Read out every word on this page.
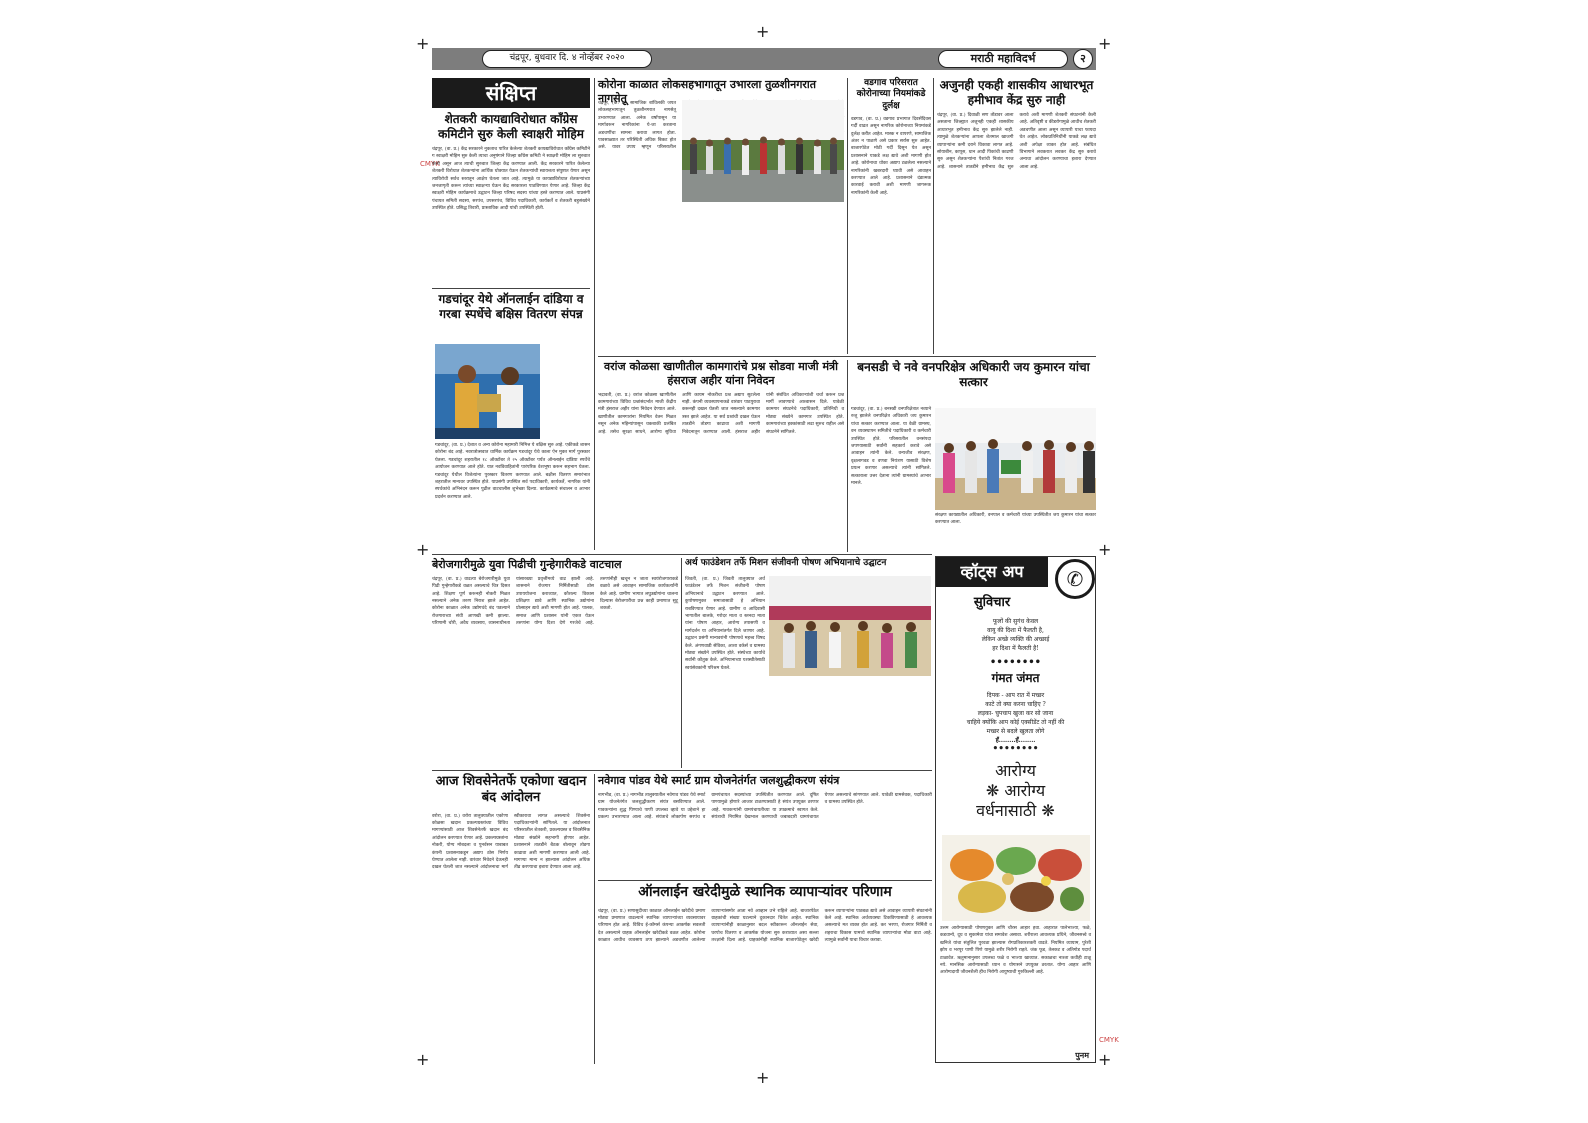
+
+	+
+	+
+	+
+
CMYK
CMYK
चंद्रपूर, बुधवार दि. ४ नोव्हेंबर २०२०	मराठी महाविदर्भ	२
संक्षिप्त
शेतकरी कायद्याविरोधात कॉंग्रेस कमिटीने सुरु केली स्वाक्षरी मोहिम
चंद्रपूर, (वा. प्र.) केंद्र सरकारने नुकताच पारित केलेल्या शेतकरी कायद्याविरोधात काँग्रेस कमिटीने ग स्वाक्षरी मोहिम सुरु केली त्याचा अनुषंगाने जिल्हा काँग्रेस कमिटी ने स्वाक्षरी मोहिम ला सुरुवात केली असून आज त्याची सुरुवात जिल्हा केंद्र करण्यात आली. केंद्र सरकारने पारित केलेल्या शेतकरी विरोधात शेतकऱ्यांना आर्थिक धोक्यात येऊन शेतकऱ्यांची स्वायत्तता संपुष्टात येणार असून त्याविरोधी सर्वच स्तरातून आक्षेप घेतला जात आहे. त्यामुळे या कायद्याविरोधात शेतकऱ्यांच्या जनजागृती करून त्यांच्या स्वाक्षऱ्या घेऊन केंद्र सरकारला पाठविण्यात येणार आहे. जिल्हा केंद्र स्वाक्षरी मोहिम कार्यक्रमाचे उद्घाटन जिल्हा परिषद सदस्य यांच्या हस्ते करण्यात आले. याप्रसंगी पंचायत समिती सदस्य, सरपंच, उपसरपंच, विविध पदाधिकारी, कार्यकर्ते व शेतकरी बहुसंख्येने उपस्थित होते. प्रसिद्ध तिवारी, प्रास्ताविक आदी यांची उपस्थिती होती.
गडचांदूर येथे ऑनलाईन दांडिया व गरबा स्पर्धेचे बक्षिस वितरण संपन्न
गडचांदूर, (वा. प्र.) देशात व अन्य कोरोना महामारी निमित्त ये बक्षिस सुरु आहे. एकीकडे शासन कोरोना बंद आहे. नवरात्रोत्सवात धार्मिक कार्यक्रम गडचांदूर येथे काला ऐन मुक्त मार्ग पुरस्कार घेतला. गडचांदूर शहरातील १८ ऑक्टोंबर ते २५ ऑक्टोंबर पर्यंत ऑनलाईन दांडिया स्पर्धेचे आयोजन करण्यात आले होते. यात नवविवाहितांनी पारंपरिक वेशभूषा करून सहभाग घेतला. गडचांदूर येथील विजेत्यांना पुरस्कार वितरण करण्यात आले. बक्षीस वितरण समारंभात शहरातील मान्यवर उपस्थित होते. याप्रसंगी उपस्थित सर्व पदाधिकारी, कार्यकर्ते, नागरिक यांनी स्पर्धकांचे अभिनंदन करून पुढील वाटचालीस शुभेच्छा दिल्या. कार्यक्रमाचे संचालन व आभार प्रदर्शन करण्यात आले.
कोरोना काळात लोकसहभागातून उभारला तुळशीनगरात नागसेतू
चंद्रपूर, (वा. प्र.) सामाजिक बांधिलकी जपत लोकसहभागातून तुळशीनगरात नागसेतू उभारण्यात आला. अनेक वर्षांपासून या मार्गावरून नागरिकांना ये-जा करताना अडचणींचा सामना करावा लागत होता. पावसाळ्यात तर परिस्थिती अधिक बिकट होत असे. यावर उपाय म्हणून परिसरातील
वडगाव परिसरात कोरोनाच्या नियमांकडे दुर्लक्ष
वडगाव, (वा. प्र.) वडगाव प्रभागात दिवसेंदिवस गर्दी वाढत असून नागरिक कोरोनाच्या नियमांकडे दुर्लक्ष करीत आहेत. मास्क न वापरणे, सामाजिक अंतर न पाळणे असे प्रकार सर्रास सुरु आहेत. बाजारपेठेत मोठी गर्दी दिसून येत असून प्रशासनाने याकडे लक्ष द्यावे अशी मागणी होत आहे. कोरोनाचा धोका अद्याप टळलेला नसल्याने नागरिकांनी खबरदारी घ्यावी असे आवाहन करण्यात आले आहे. प्रशासनाने दंडात्मक कारवाई करावी अशी मागणी जागरूक नागरिकांनी केली आहे.
अजुनही एकही शासकीय आधारभूत हमीभाव केंद्र सुरु नाही
चंद्रपूर, (वा. प्र.) दिवाळी सण तोंडावर आला असताना जिल्ह्यात अजुनही एकही शासकीय आधारभूत हमीभाव केंद्र सुरु झालेले नाही. त्यामुळे शेतकऱ्यांना आपला शेतमाल खाजगी व्यापाऱ्यांना कमी दराने विकावा लागत आहे. सोयाबीन, कापूस, धान आदी पिकांची काढणी सुरु असून शेतकऱ्यांना पैशांची नितांत गरज आहे. शासनाने तातडीने हमीभाव केंद्र सुरु करावे अशी मागणी शेतकरी संघटनांनी केली आहे. अतिवृष्टी व कीडरोगामुळे आधीच शेतकरी अडचणीत आला असून व्यापारी याचा फायदा घेत आहेत. लोकप्रतिनिधींनी याकडे लक्ष द्यावे अशी अपेक्षा व्यक्त होत आहे. संबंधित विभागाने लवकरात लवकर केंद्र सुरु करावे अन्यथा आंदोलन करण्याचा इशारा देण्यात आला आहे.
वरांज कोळसा खाणीतील कामगारांचे प्रश्न सोडवा माजी मंत्री हंसराज अहीर यांना निवेदन
भद्रावती, (वा. प्र.) वरांज कोळसा खाणीतील कामगारांच्या विविध प्रश्नांसंदर्भात माजी केंद्रीय मंत्री हंसराज अहीर यांना निवेदन देण्यात आले. खाणीतील कामगारांना नियमित वेतन मिळत नसून अनेक महिन्यांपासून थकबाकी प्रलंबित आहे. तसेच सुरक्षा साधने, आरोग्य सुविधा आणि कायम नोकरीचा प्रश्न अद्याप सुटलेला नाही. कंपनी व्यवस्थापनाकडे वारंवार पाठपुरावा करूनही दखल घेतली जात नसल्याने कामगार त्रस्त झाले आहेत. या सर्व प्रश्नांची दखल घेऊन तातडीने तोडगा काढावा अशी मागणी निवेदनातून करण्यात आली. हंसराज अहीर यांनी संबंधित अधिकाऱ्यांशी चर्चा करून प्रश्न मार्गी लावण्याचे आश्वासन दिले. यावेळी कामगार संघटनेचे पदाधिकारी, प्रतिनिधी व मोठ्या संख्येने कामगार उपस्थित होते. कामगारांच्या हक्कांसाठी लढा सुरुच राहील असे संघटनेने सांगितले.
बनसडी चे नवे वनपरिक्षेत्र अधिकारी जय कुमारन यांचा सत्कार
गडचांदूर, (वा. प्र.) बनसडी वनपरिक्षेत्रात नव्याने रुजू झालेले वनपरिक्षेत्र अधिकारी जय कुमारन यांचा सत्कार करण्यात आला. या वेळी ग्रामस्थ, वन व्यवस्थापन समितीचे पदाधिकारी व कर्मचारी उपस्थित होते. परिसरातील वनसंपदा जपण्यासाठी सर्वांनी सहकार्य करावे असे आवाहन त्यांनी केले. वन्यजीव संरक्षण, वृक्षलागवड व वणवा नियंत्रण यासाठी विशेष प्रयत्न करणार असल्याचे त्यांनी सांगितले. सत्काराला उत्तर देताना त्यांनी ग्रामस्थांचे आभार मानले.
संरक्षण कायद्यातील अधिकारी, वनपाल व कर्मचारी यांच्या उपस्थितीत जय कुमारन यांचा सत्कार करण्यात आला.
बेरोजगारीमुळे युवा पिढीची गुन्हेगारीकडे वाटचाल
चंद्रपूर, (वा. प्र.) वाढत्या बेरोजगारीमुळे युवा पिढी गुन्हेगारीकडे वळत असल्याचे चित्र दिसत आहे. शिक्षण पूर्ण करूनही नोकरी मिळत नसल्याने अनेक तरुण निराश झाले आहेत. कोरोना काळात अनेक उद्योगधंदे बंद पडल्याने रोजगाराच्या संधी आणखी कमी झाल्या. परिणामी चोरी, अवैध व्यवसाय, व्यसनाधीनता यांसारख्या प्रवृत्तींमध्ये वाढ झाली आहे. शासनाने रोजगार निर्मितीसाठी ठोस उपाययोजना कराव्यात, कौशल्य विकास प्रशिक्षण द्यावे आणि स्थानिक उद्योगांना प्रोत्साहन द्यावे अशी मागणी होत आहे. पालक, समाज आणि प्रशासन यांनी एकत्र येऊन तरुणांना योग्य दिशा देणे गरजेचे आहे. तरुणांनीही खचून न जाता स्वयंरोजगाराकडे वळावे असे आवाहन सामाजिक कार्यकर्त्यांनी केले आहे. ग्रामीण भागात लघुउद्योगांना चालना दिल्यास बेरोजगारीचा प्रश्न काही प्रमाणात सुटू शकतो.
अर्थ फाउंडेशन तर्फे मिशन संजीवनी पोषण अभियानाचे उद्घाटन
जिवती, (वा. प्र.) जिवती तालुक्यात अर्थ फाउंडेशन तर्फे मिशन संजीवनी पोषण अभियानाचे उद्घाटन करण्यात आले. कुपोषणमुक्त समाजासाठी हे अभियान राबविण्यात येणार आहे. ग्रामीण व आदिवासी भागातील बालके, गरोदर माता व स्तनदा माता यांना पोषण आहार, आरोग्य तपासणी व मार्गदर्शन या अभियानांतर्गत दिले जाणार आहे. उद्घाटन प्रसंगी मान्यवरांनी पोषणाचे महत्त्व विषद केले. अंगणवाडी सेविका, आशा वर्कर्स व ग्रामस्थ मोठ्या संख्येने उपस्थित होते. संस्थेच्या कार्याचे सर्वांनी कौतुक केले. अभियानाच्या यशस्वीतेसाठी स्वयंसेवकांनी परिश्रम घेतले.
आज शिवसेनेतर्फे एकोणा खदान बंद आंदोलन
वरोरा, (वा. प्र.) वरोरा तालुक्यातील एकोणा कोळसा खदान प्रकल्पग्रस्तांच्या विविध मागण्यांसाठी आज शिवसेनेतर्फे खदान बंद आंदोलन करण्यात येणार आहे. प्रकल्पग्रस्तांना नोकरी, योग्य मोबदला व पुनर्वसन याबाबत कंपनी प्रशासनाकडून अद्याप ठोस निर्णय घेण्यात आलेला नाही. वारंवार निवेदने देऊनही दखल घेतली जात नसल्याने आंदोलनाचा मार्ग स्वीकारावा लागत असल्याचे शिवसेना पदाधिकाऱ्यांनी सांगितले. या आंदोलनात परिसरातील शेतकरी, प्रकल्पग्रस्त व शिवसैनिक मोठ्या संख्येने सहभागी होणार आहेत. प्रशासनाने तातडीने बैठक बोलावून तोडगा काढावा अशी मागणी करण्यात आली आहे. मागण्या मान्य न झाल्यास आंदोलन अधिक तीव्र करण्याचा इशारा देण्यात आला आहे.
नवेगाव पांडव येथे स्मार्ट ग्राम योजनेतंर्गत जलशुद्धीकरण संयंत्र
नागभीड, (वा. प्र.) नागभीड तालुक्यातील नवेगाव पांडव येथे स्मार्ट ग्राम योजनेतंर्गत जलशुद्धीकरण संयंत्र बसविण्यात आले. गावकऱ्यांना शुद्ध पिण्याचे पाणी उपलब्ध व्हावे या उद्देशाने हा प्रकल्प उभारण्यात आला आहे. संयंत्राचे लोकार्पण सरपंच व ग्रामपंचायत सदस्यांच्या उपस्थितीत करण्यात आले. दूषित पाण्यामुळे होणारे आजार टाळण्यासाठी हे संयंत्र उपयुक्त ठरणार आहे. गावकऱ्यांनी ग्रामपंचायतीच्या या उपक्रमाचे स्वागत केले. संयंत्राची नियमित देखभाल करण्याची जबाबदारी ग्रामपंचायत घेणार असल्याचे सांगण्यात आले. यावेळी ग्रामसेवक, पदाधिकारी व ग्रामस्थ उपस्थित होते.
ऑनलाईन खरेदीमुळे स्थानिक व्यापाऱ्यांवर परिणाम
चंद्रपूर, (वा. प्र.) सणासुदीच्या काळात ऑनलाईन खरेदीचे प्रमाण मोठ्या प्रमाणात वाढल्याने स्थानिक व्यापाऱ्यांच्या व्यवसायावर परिणाम होत आहे. विविध ई-कॉमर्स कंपन्या आकर्षक सवलती देत असल्याने ग्राहक ऑनलाईन खरेदीकडे वळत आहेत. कोरोना काळात आधीच व्यवसाय ठप्प झाल्याने अडचणीत आलेल्या व्यापाऱ्यांसमोर आता नवे आव्हान उभे राहिले आहे. बाजारपेठेत ग्राहकांची संख्या घटल्याने दुकानदार चिंतेत आहेत. स्थानिक व्यापाऱ्यांनीही काळानुसार बदल स्वीकारून ऑनलाईन सेवा, घरपोच वितरण व आकर्षक योजना सुरु कराव्यात असा सल्ला तज्ज्ञांनी दिला आहे. ग्राहकांनीही स्थानिक बाजारपेठेतून खरेदी करून व्यापाऱ्यांना पाठबळ द्यावे असे आवाहन व्यापारी संघटनांनी केले आहे. स्थानिक अर्थव्यवस्था टिकविण्यासाठी हे आवश्यक असल्याचे मत व्यक्त होत आहे. कर भरणा, रोजगार निर्मिती व शहराचा विकास यामध्ये स्थानिक व्यापाऱ्यांचा मोठा वाटा आहे. त्यामुळे सर्वांनी याचा विचार करावा.
व्हॉट्स अप	✆
सुविचार
फूलों की सुगंध केवल
वायु की दिशा में फैलती है,
लेकिन अच्छे व्यक्ति की अच्छाई
हर दिशा में फैलती है!
••••••••
गंमत जंमत
दिपक - आप रात में मच्छर
काटे तो क्या करना चाहिए ?
लड़का- चुपचाप खुजा कर सो जाना
चाहिये क्योंकि आप कोई एक्सीडेंट तो नहीं की
मच्छर से बदले खुलता लोगे
हँ........हँ........
••••••••
आरोग्य
❋ आरोग्य
वर्धनासाठी ❋
उत्तम आरोग्यासाठी पोषणयुक्त आणि चौरस आहार हवा. आहारात पालेभाज्या, फळे, कडधान्ये, दूध व सुकामेवा यांचा समावेश असावा. शरीराला आवश्यक प्रथिने, जीवनसत्त्वे व खनिजे यांचा संतुलित पुरवठा झाल्यास रोगप्रतिकारशक्ती वाढते. नियमित व्यायाम, पुरेशी झोप व भरपूर पाणी पिणे यामुळे शरीर निरोगी राहते. जंक फूड, तेलकट व अतिगोड पदार्थ टाळावेत. ऋतुमानानुसार उपलब्ध फळे व भाज्या खाव्यात. सकाळचा नाश्ता कधीही टाळू नये. मानसिक आरोग्यासाठी ध्यान व योगासने उपयुक्त ठरतात. योग्य आहार आणि आरोग्यदायी जीवनशैली हीच निरोगी आयुष्याची गुरुकिल्ली आहे.
पुनम
